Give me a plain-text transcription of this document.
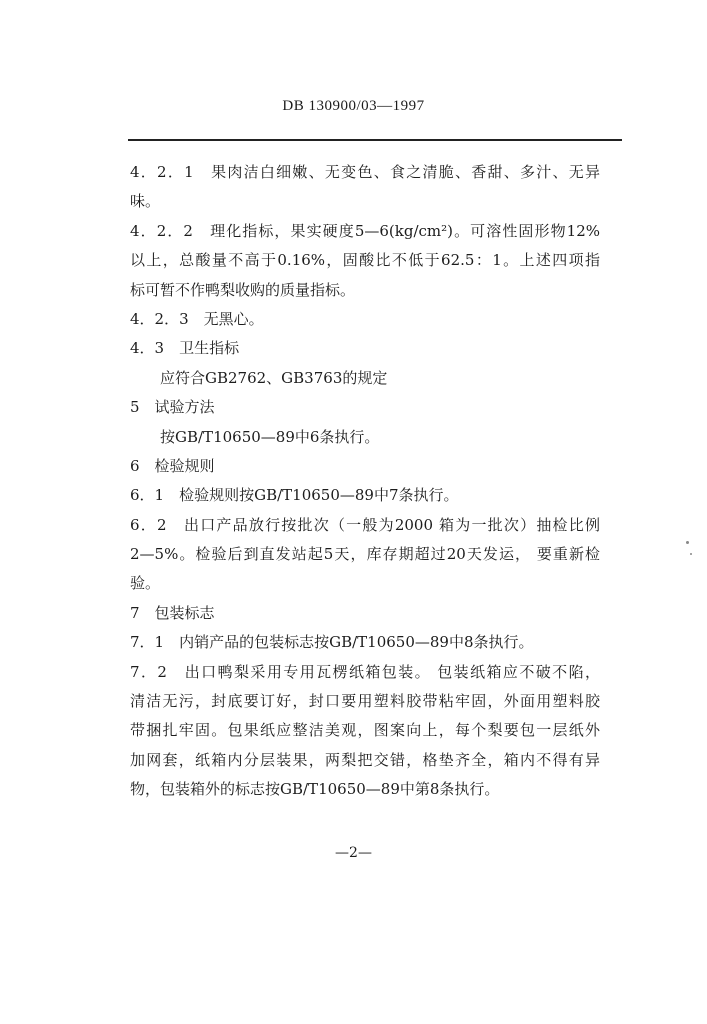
DB 130900/03—1997
4．2．1　果肉洁白细嫩、无变色、食之清脆、香甜、多汁、无异
味。
4．2．2　理化指标，果实硬度5—6(kg/cm²)。可溶性固形物12%
以上，总酸量不高于0.16%，固酸比不低于62.5：1。上述四项指
标可暂不作鸭梨收购的质量指标。
4．2．3　无黑心。
4．3　卫生指标
应符合GB2762、GB3763的规定
5　试验方法
按GB/T10650—89中6条执行。
6　检验规则
6．1　检验规则按GB/T10650—89中7条执行。
6．2　出口产品放行按批次（一般为2000 箱为一批次）抽检比例
2—5%。检验后到直发站起5天，库存期超过20天发运， 要重新检
验。
7　包装标志
7．1　内销产品的包装标志按GB/T10650—89中8条执行。
7．2　出口鸭梨采用专用瓦楞纸箱包装。 包装纸箱应不破不陷，
清洁无污，封底要订好，封口要用塑料胶带粘牢固，外面用塑料胶
带捆扎牢固。包果纸应整洁美观，图案向上，每个梨要包一层纸外
加网套，纸箱内分层装果，两梨把交错，格垫齐全，箱内不得有异
物，包装箱外的标志按GB/T10650—89中第8条执行。
—2—
